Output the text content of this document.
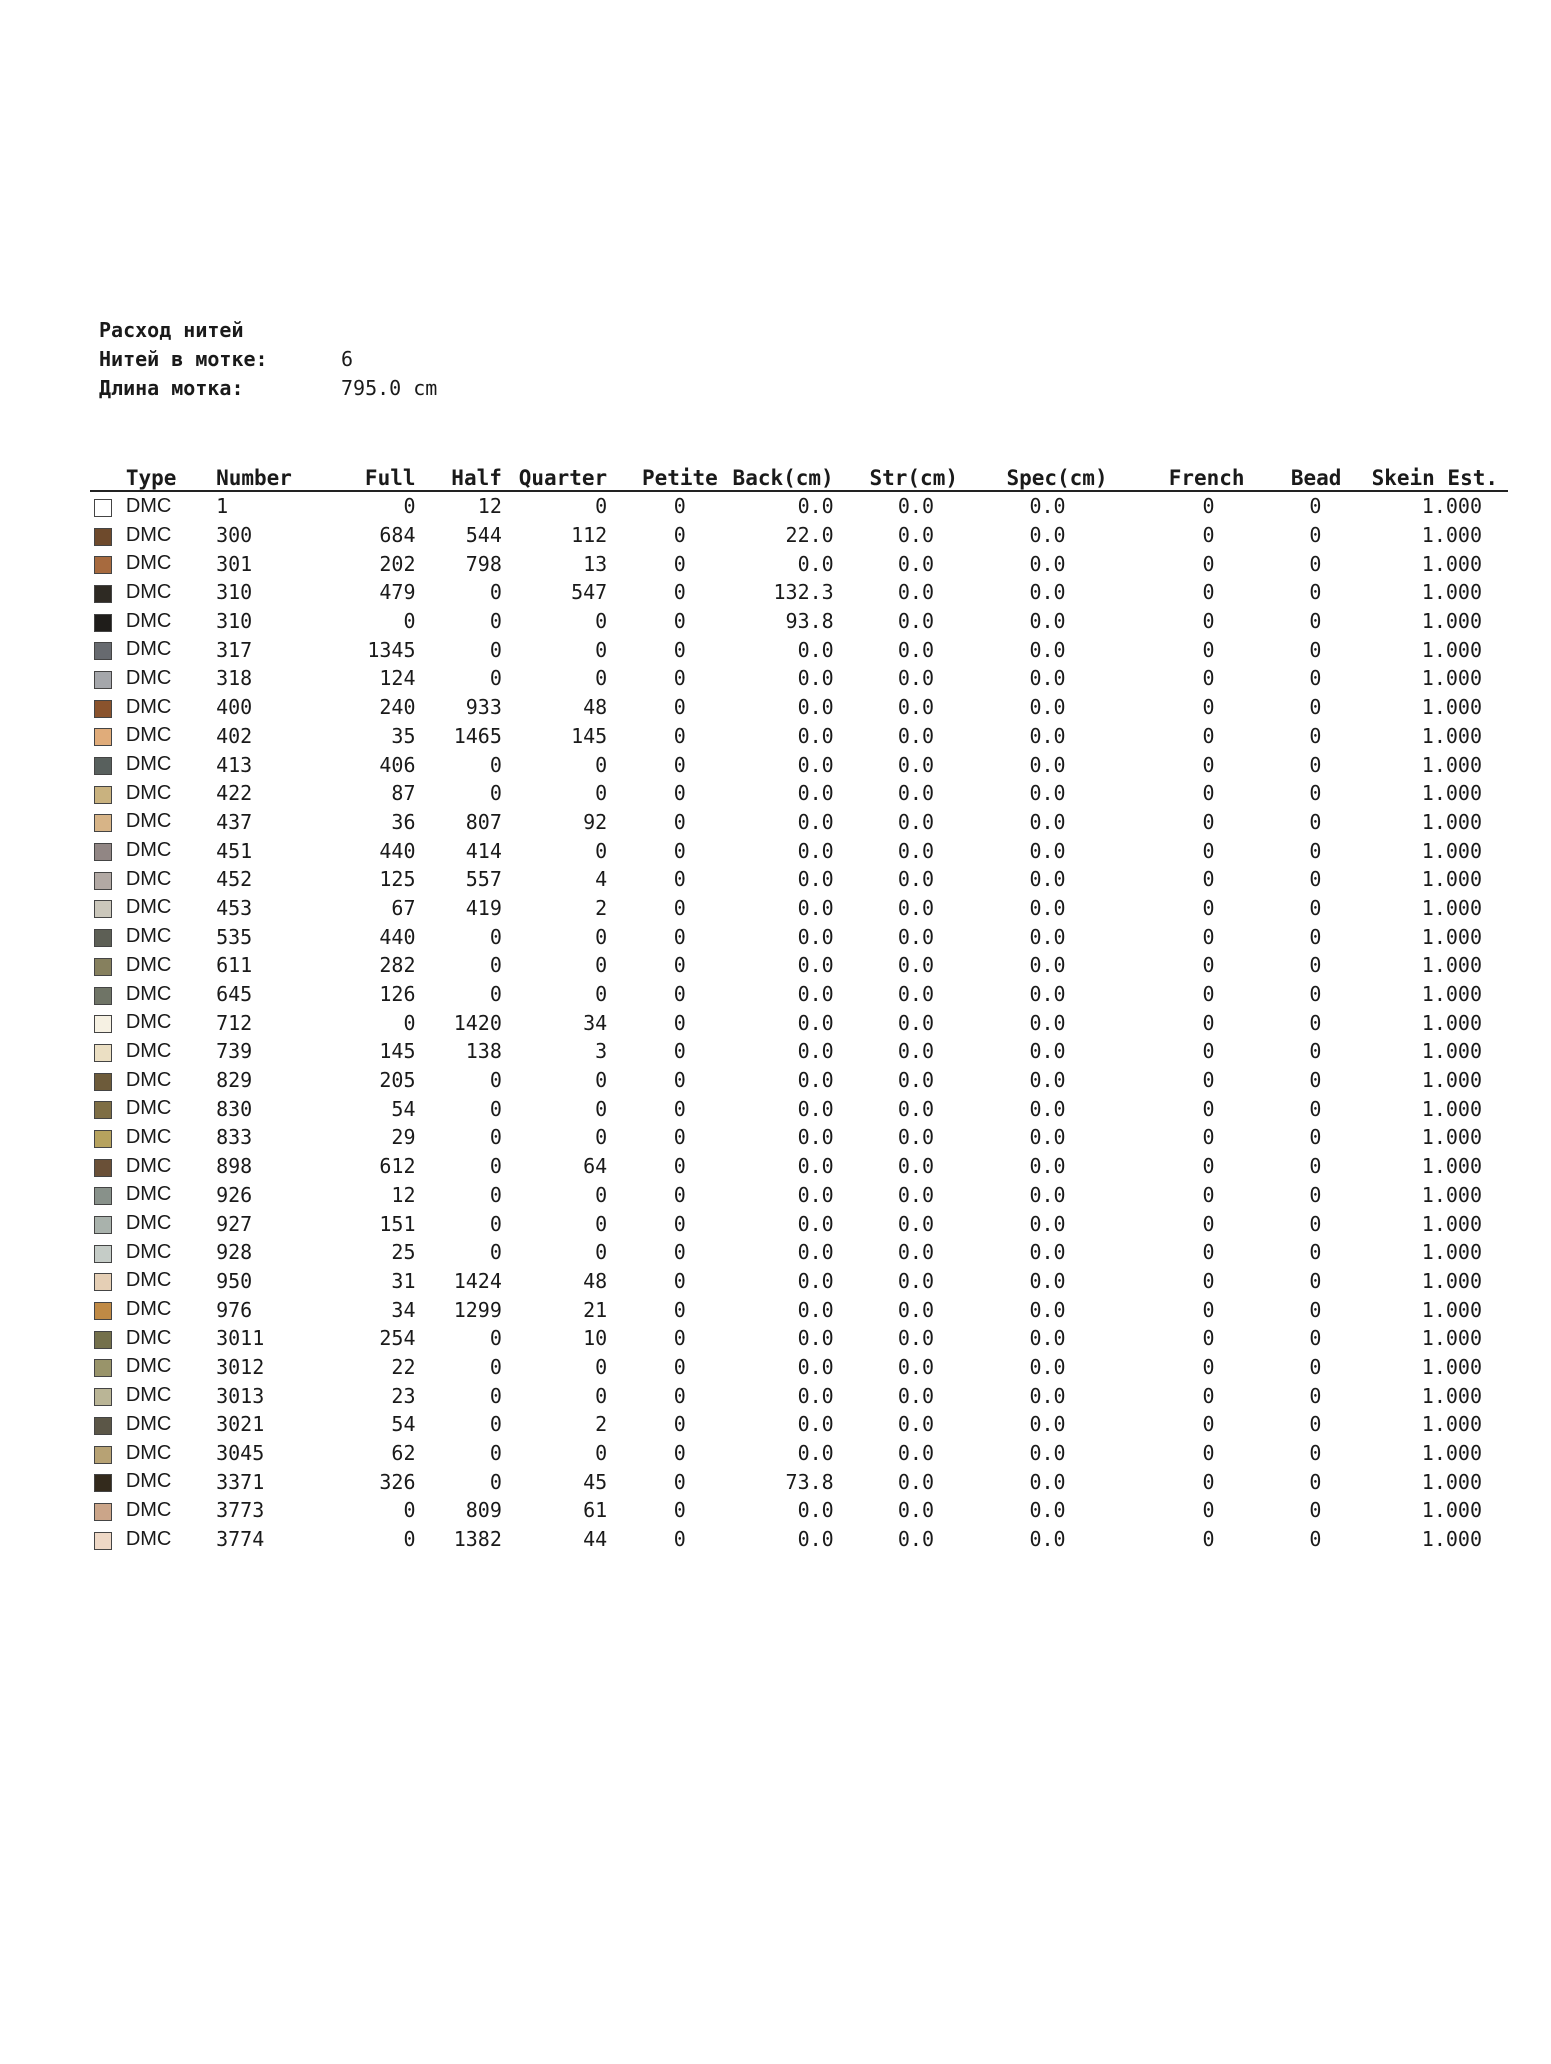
Расход нитей
Нитей в мотке:	6
Длина мотка:	795.0 cm
	Type	Number	Full	Half	Quarter	Petite	Back(cm)	Str(cm)	Spec(cm)	French	Bead	Skein Est.
	DMC	1	0	12	0	0	0.0	0.0	0.0	0	0	1.000
	DMC	300	684	544	112	0	22.0	0.0	0.0	0	0	1.000
	DMC	301	202	798	13	0	0.0	0.0	0.0	0	0	1.000
	DMC	310	479	0	547	0	132.3	0.0	0.0	0	0	1.000
	DMC	310	0	0	0	0	93.8	0.0	0.0	0	0	1.000
	DMC	317	1345	0	0	0	0.0	0.0	0.0	0	0	1.000
	DMC	318	124	0	0	0	0.0	0.0	0.0	0	0	1.000
	DMC	400	240	933	48	0	0.0	0.0	0.0	0	0	1.000
	DMC	402	35	1465	145	0	0.0	0.0	0.0	0	0	1.000
	DMC	413	406	0	0	0	0.0	0.0	0.0	0	0	1.000
	DMC	422	87	0	0	0	0.0	0.0	0.0	0	0	1.000
	DMC	437	36	807	92	0	0.0	0.0	0.0	0	0	1.000
	DMC	451	440	414	0	0	0.0	0.0	0.0	0	0	1.000
	DMC	452	125	557	4	0	0.0	0.0	0.0	0	0	1.000
	DMC	453	67	419	2	0	0.0	0.0	0.0	0	0	1.000
	DMC	535	440	0	0	0	0.0	0.0	0.0	0	0	1.000
	DMC	611	282	0	0	0	0.0	0.0	0.0	0	0	1.000
	DMC	645	126	0	0	0	0.0	0.0	0.0	0	0	1.000
	DMC	712	0	1420	34	0	0.0	0.0	0.0	0	0	1.000
	DMC	739	145	138	3	0	0.0	0.0	0.0	0	0	1.000
	DMC	829	205	0	0	0	0.0	0.0	0.0	0	0	1.000
	DMC	830	54	0	0	0	0.0	0.0	0.0	0	0	1.000
	DMC	833	29	0	0	0	0.0	0.0	0.0	0	0	1.000
	DMC	898	612	0	64	0	0.0	0.0	0.0	0	0	1.000
	DMC	926	12	0	0	0	0.0	0.0	0.0	0	0	1.000
	DMC	927	151	0	0	0	0.0	0.0	0.0	0	0	1.000
	DMC	928	25	0	0	0	0.0	0.0	0.0	0	0	1.000
	DMC	950	31	1424	48	0	0.0	0.0	0.0	0	0	1.000
	DMC	976	34	1299	21	0	0.0	0.0	0.0	0	0	1.000
	DMC	3011	254	0	10	0	0.0	0.0	0.0	0	0	1.000
	DMC	3012	22	0	0	0	0.0	0.0	0.0	0	0	1.000
	DMC	3013	23	0	0	0	0.0	0.0	0.0	0	0	1.000
	DMC	3021	54	0	2	0	0.0	0.0	0.0	0	0	1.000
	DMC	3045	62	0	0	0	0.0	0.0	0.0	0	0	1.000
	DMC	3371	326	0	45	0	73.8	0.0	0.0	0	0	1.000
	DMC	3773	0	809	61	0	0.0	0.0	0.0	0	0	1.000
	DMC	3774	0	1382	44	0	0.0	0.0	0.0	0	0	1.000
